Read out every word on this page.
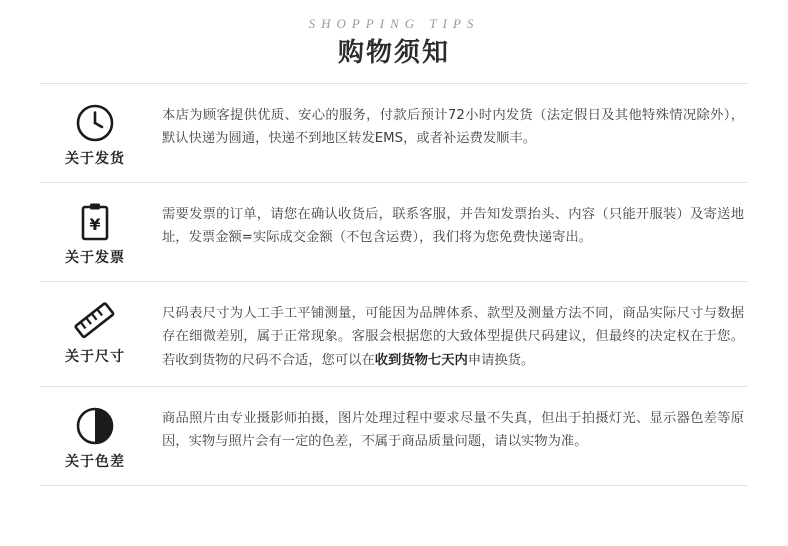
SHOPPING TIPS
购物须知
关于发货
本店为顾客提供优质、安心的服务，付款后预计72小时内发货（法定假日及其他特殊情况除外），默认快递为圆通，快递不到地区转发EMS，或者补运费发顺丰。
¥
关于发票
需要发票的订单，请您在确认收货后，联系客服，并告知发票抬头、内容（只能开服装）及寄送地址，发票金额=实际成交金额（不包含运费），我们将为您免费快递寄出。
关于尺寸
尺码表尺寸为人工手工平铺测量，可能因为品牌体系、款型及测量方法不同，商品实际尺寸与数据存在细微差别，属于正常现象。客服会根据您的大致体型提供尺码建议，但最终的决定权在于您。若收到货物的尺码不合适，您可以在收到货物七天内申请换货。
关于色差
商品照片由专业摄影师拍摄，图片处理过程中要求尽量不失真，但出于拍摄灯光、显示器色差等原因，实物与照片会有一定的色差，不属于商品质量问题，请以实物为准。
